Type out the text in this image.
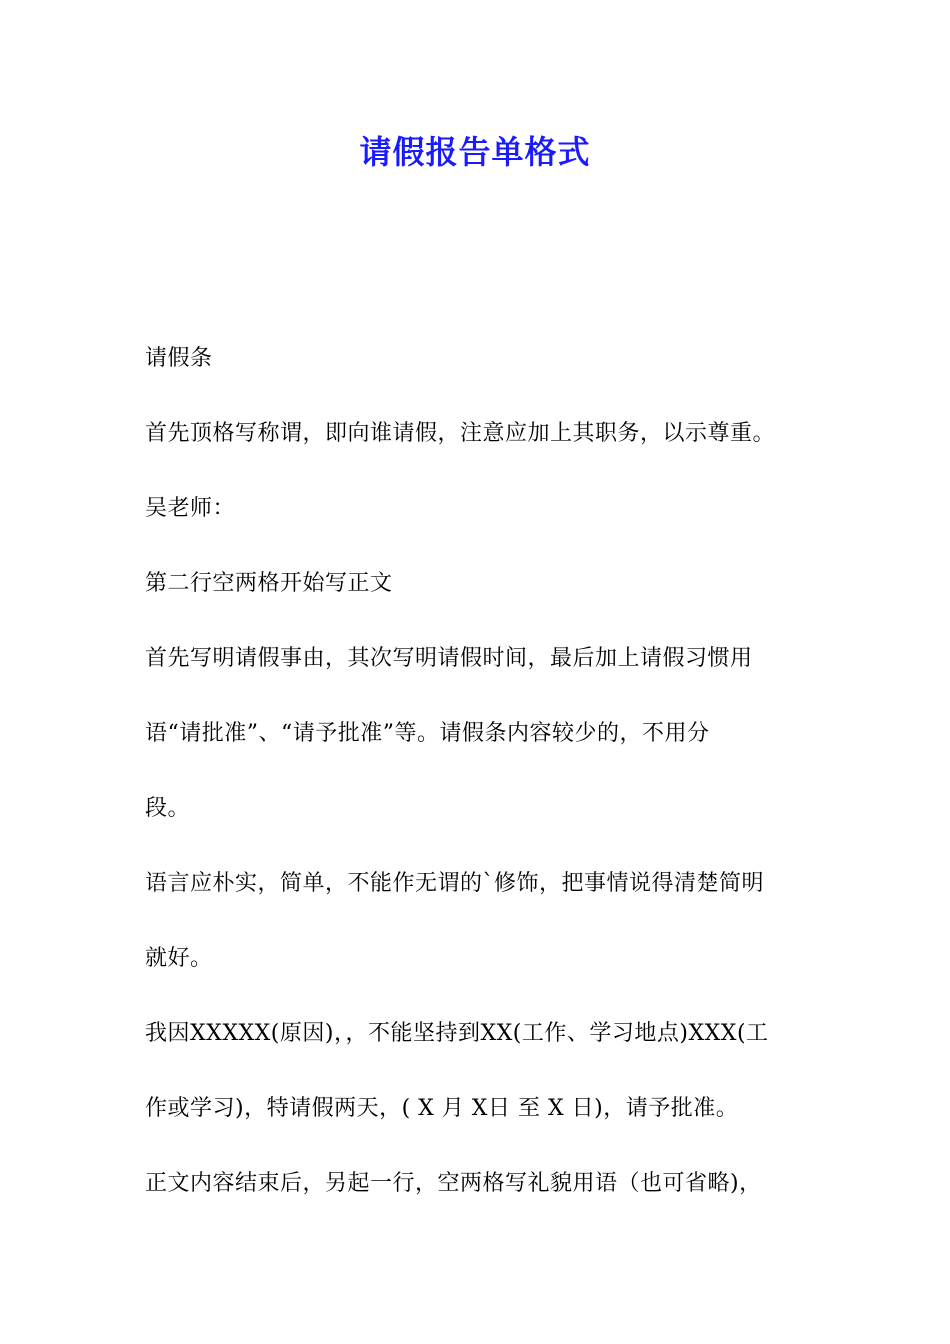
请假报告单格式
请假条
首先顶格写称谓，即向谁请假，注意应加上其职务，以示尊重。
吴老师：
第二行空两格开始写正文
首先写明请假事由，其次写明请假时间，最后加上请假习惯用
语“请批准”、“请予批准”等。请假条内容较少的，不用分
段。
语言应朴实，简单，不能作无谓的`修饰，把事情说得清楚简明
就好。
我因XXXXX(原因)，，不能坚持到XX(工作、学习地点)XXX(工
作或学习)，特请假两天，( X 月 X日 至 X 日)，请予批准。
正文内容结束后，另起一行，空两格写礼貌用语（也可省略)，
